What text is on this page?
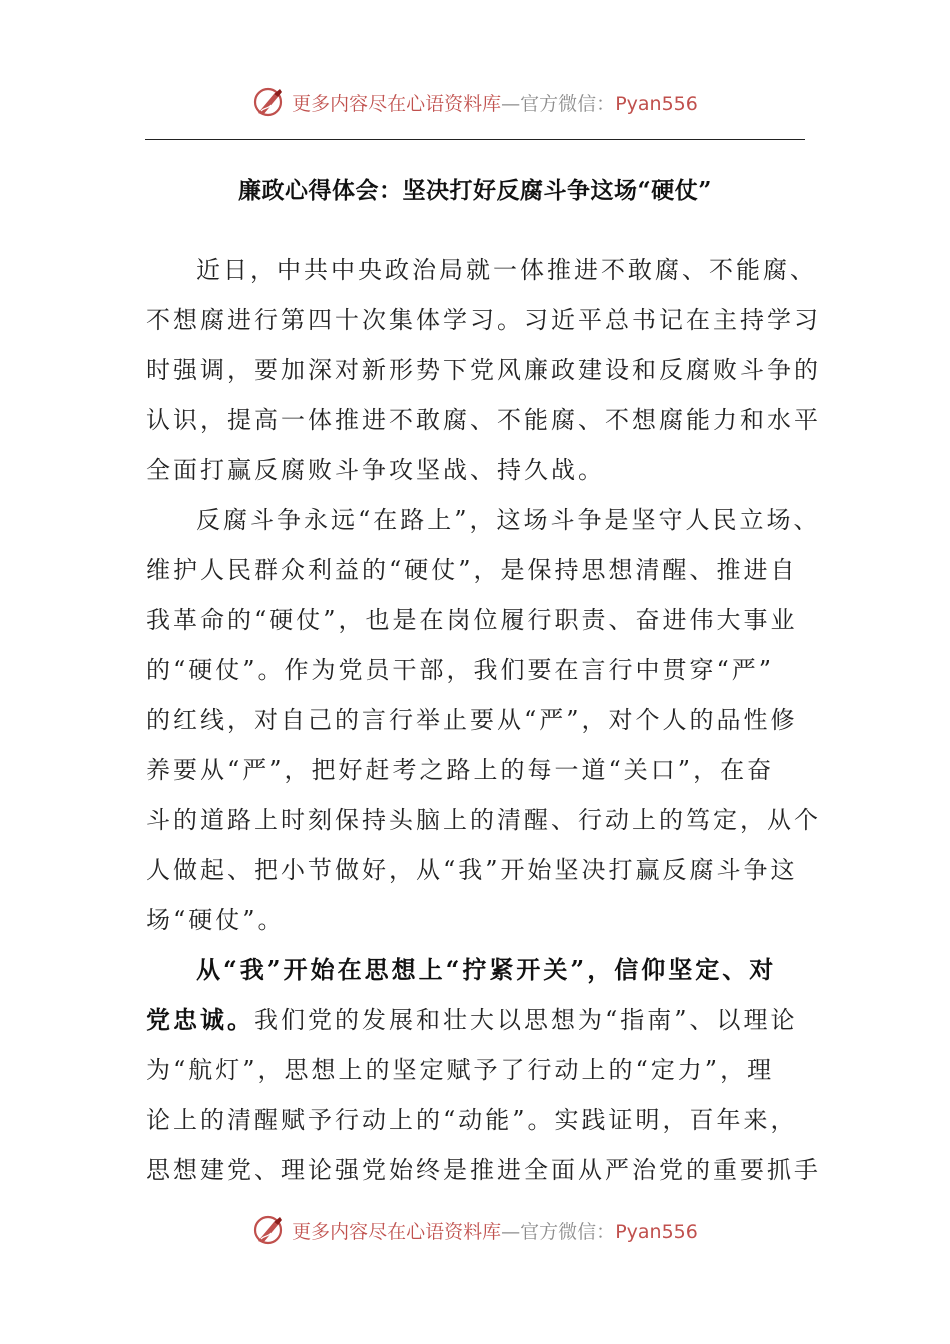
更多内容尽在心语资料库—官方微信：Pyan556
廉政心得体会：坚决打好反腐斗争这场“硬仗”
近日，中共中央政治局就一体推进不敢腐、不能腐、
不想腐进行第四十次集体学习。习近平总书记在主持学习
时强调，要加深对新形势下党风廉政建设和反腐败斗争的
认识，提高一体推进不敢腐、不能腐、不想腐能力和水平
全面打赢反腐败斗争攻坚战、持久战。
反腐斗争永远“在路上”，这场斗争是坚守人民立场、
维护人民群众利益的“硬仗”，是保持思想清醒、推进自
我革命的“硬仗”，也是在岗位履行职责、奋进伟大事业
的“硬仗”。作为党员干部，我们要在言行中贯穿“严”
的红线，对自己的言行举止要从“严”，对个人的品性修
养要从“严”，把好赶考之路上的每一道“关口”，在奋
斗的道路上时刻保持头脑上的清醒、行动上的笃定，从个
人做起、把小节做好，从“我”开始坚决打赢反腐斗争这
场“硬仗”。
从“我”开始在思想上“拧紧开关”，信仰坚定、对
党忠诚。我们党的发展和壮大以思想为“指南”、以理论
为“航灯”，思想上的坚定赋予了行动上的“定力”，理
论上的清醒赋予行动上的“动能”。实践证明，百年来，
思想建党、理论强党始终是推进全面从严治党的重要抓手
更多内容尽在心语资料库—官方微信：Pyan556
